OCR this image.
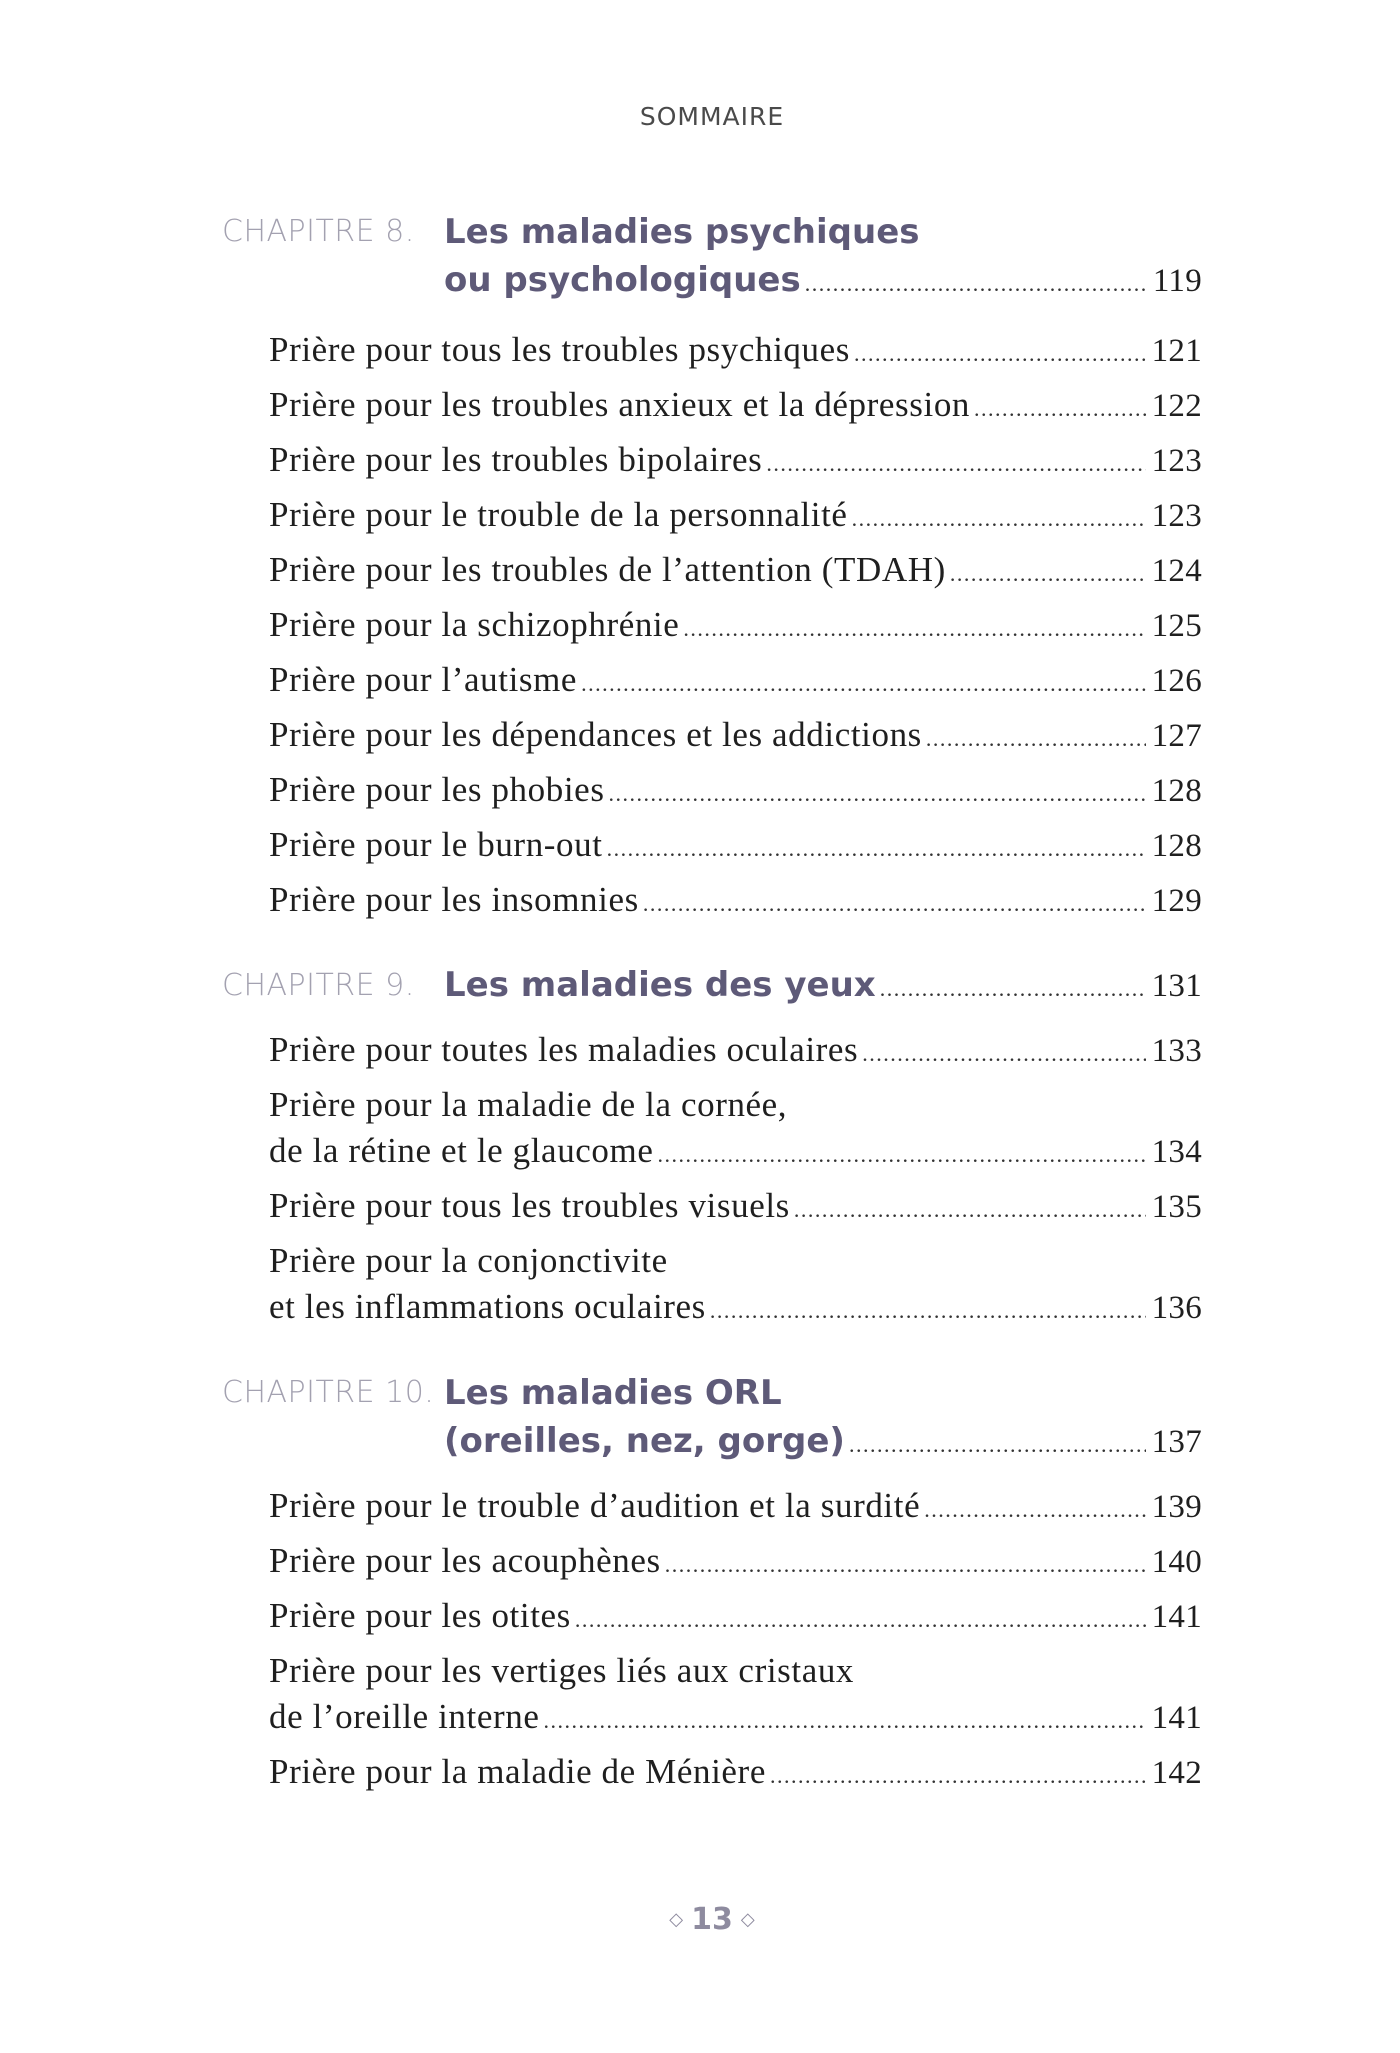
SOMMAIRE
CHAPITRE 8. Les maladies psychiques
ou psychologiques .....	119
Prière pour tous les troubles psychiques .....	121
Prière pour les troubles anxieux et la dépression .....	122
Prière pour les troubles bipolaires .....	123
Prière pour le trouble de la personnalité .....	123
Prière pour les troubles de l’attention (TDAH) .....	124
Prière pour la schizophrénie .....	125
Prière pour l’autisme .....	126
Prière pour les dépendances et les addictions .....	127
Prière pour les phobies .....	128
Prière pour le burn-out .....	128
Prière pour les insomnies .....	129
CHAPITRE 9. Les maladies des yeux .....	131
Prière pour toutes les maladies oculaires .....	133
Prière pour la maladie de la cornée,
de la rétine et le glaucome .....	134
Prière pour tous les troubles visuels .....	135
Prière pour la conjonctivite
et les inflammations oculaires .....	136
CHAPITRE 10. Les maladies ORL
(oreilles, nez, gorge) .....	137
Prière pour le trouble d’audition et la surdité .....	139
Prière pour les acouphènes .....	140
Prière pour les otites .....	141
Prière pour les vertiges liés aux cristaux
de l’oreille interne .....	141
Prière pour la maladie de Ménière .....	142
◇ 13 ◇
